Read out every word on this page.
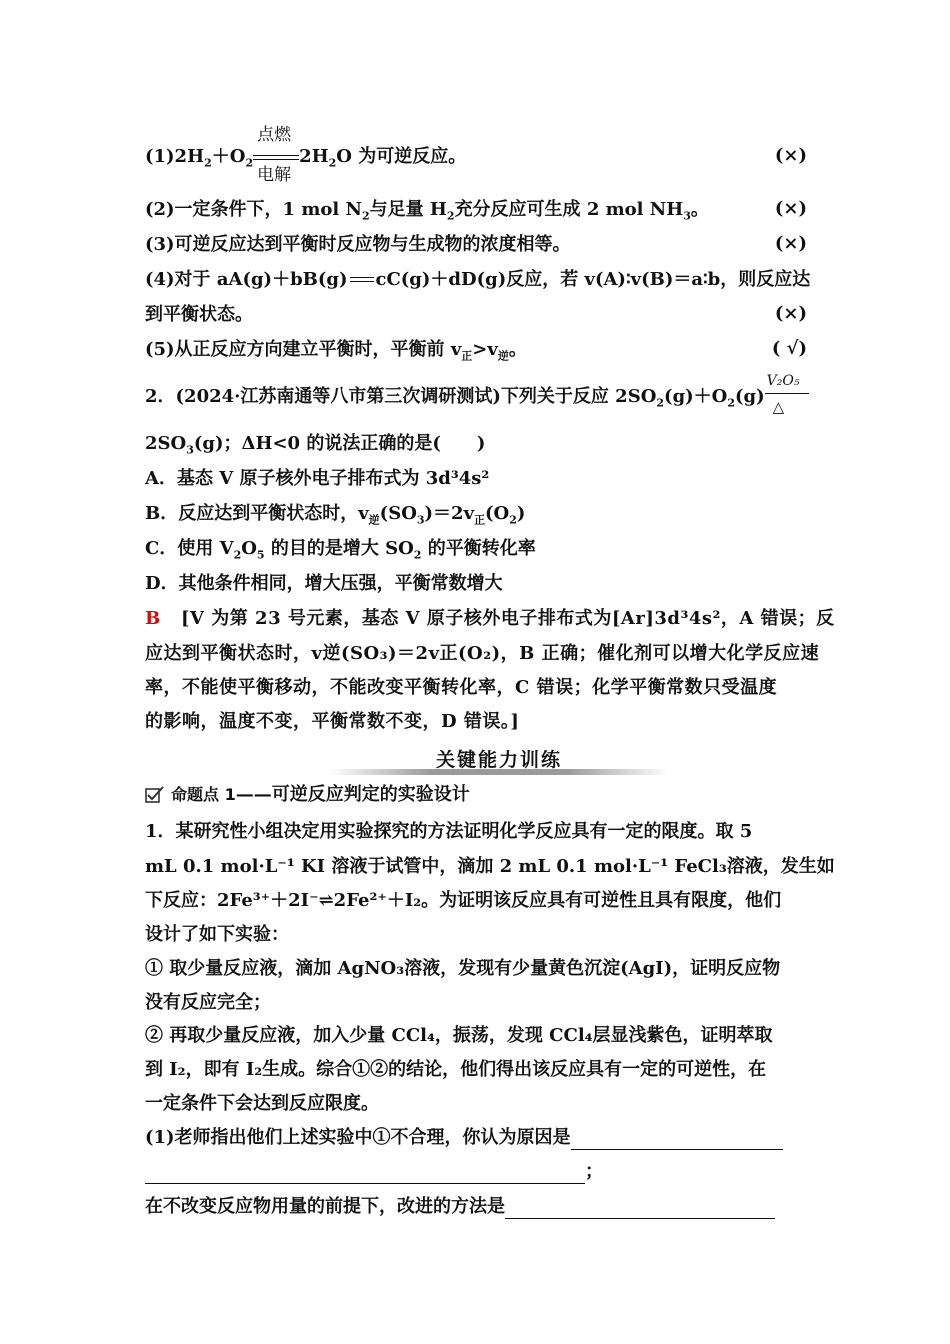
$(1)2H_2+O_2$
点燃
电解
$2H_2O$ 为可逆反应。	(×)
(2)一定条件下，1 mol $N_2$与足量 $H_2$充分反应可生成 2 mol $NH_3$。	(×)
(3)可逆反应达到平衡时反应物与生成物的浓度相等。	(×)
(4)对于 aA(g)＋bB(g) cC(g)＋dD(g)反应，若 v(A)∶v(B)＝a∶b，则反应达
到平衡状态。	(×)
(5)从正反应方向建立平衡时，平衡前 $v_正>v_逆$。	( √)
2．(2024·江苏南通等八市第三次调研测试)下列关于反应 $2SO_2(g)+O_2(g)$
V₂O₅
△
$2SO_3(g)$；ΔH<0 的说法正确的是(　　)
A．基态 V 原子核外电子排布式为 3d³4s²
B．反应达到平衡状态时，$v_逆(SO_3)=2v_正(O_2)$
C．使用 $V_2O_5$ 的目的是增大 $SO_2$ 的平衡转化率
D．其他条件相同，增大压强，平衡常数增大
B [V 为第 23 号元素，基态 V 原子核外电子排布式为[Ar]3d³4s²，A 错误；反
应达到平衡状态时，v逆(SO₃)＝2v正(O₂)，B 正确；催化剂可以增大化学反应速
率，不能使平衡移动，不能改变平衡转化率，C 错误；化学平衡常数只受温度
的影响，温度不变，平衡常数不变，D 错误。]
关键能力训练
命题点 1——可逆反应判定的实验设计
1．某研究性小组决定用实验探究的方法证明化学反应具有一定的限度。取 5
mL 0.1 mol·L⁻¹ KI 溶液于试管中，滴加 2 mL 0.1 mol·L⁻¹ FeCl₃溶液，发生如
下反应：2Fe³⁺＋2I⁻⇌2Fe²⁺＋I₂。为证明该反应具有可逆性且具有限度，他们
设计了如下实验：
① 取少量反应液，滴加 AgNO₃溶液，发现有少量黄色沉淀(AgI)，证明反应物
没有反应完全；
② 再取少量反应液，加入少量 CCl₄，振荡，发现 CCl₄层显浅紫色，证明萃取
到 I₂，即有 I₂生成。综合①②的结论，他们得出该反应具有一定的可逆性，在
一定条件下会达到反应限度。
(1)老师指出他们上述实验中①不合理，你认为原因是
；
在不改变反应物用量的前提下，改进的方法是
